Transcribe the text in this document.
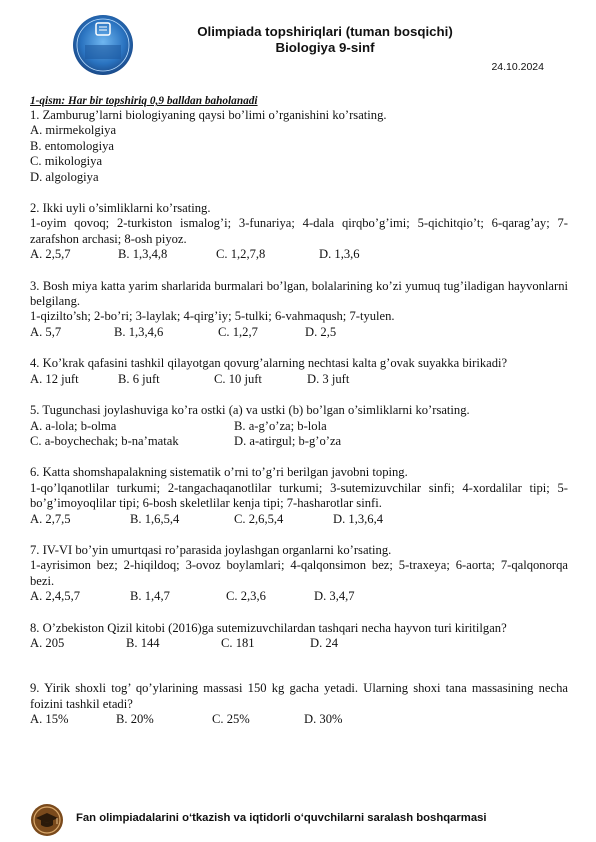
Olimpiada topshiriqlari (tuman bosqichi)
Biologiya 9-sinf
24.10.2024
1-qism: Har bir topshiriq 0,9 balldan baholanadi

1. Zamburug’larni biologiyaning qaysi bo’limi o’rganishini ko’rsating.

A. mirmekolgiya
B. entomologiya
C. mikologiya
D. algologiya

2. Ikki uyli o’simliklarni ko’rsating.

1-oyim qovoq; 2-turkiston ismalog’i; 3-funariya; 4-dala qirqbo’g’imi; 5-qichitqio’t; 6-qarag’ay; 7-zarafshon archasi; 8-osh piyoz.

A. 2,5,7	B. 1,3,4,8	C. 1,2,7,8	D. 1,3,6

3. Bosh miya katta yarim sharlarida burmalari bo’lgan, bolalarining ko’zi yumuq tug’iladigan hayvonlarni belgilang.

1-qizilto’sh; 2-bo’ri; 3-laylak; 4-qirg’iy; 5-tulki; 6-vahmaqush; 7-tyulen.

A. 5,7	B. 1,3,4,6	C. 1,2,7	D. 2,5

4. Ko’krak qafasini tashkil qilayotgan qovurg’alarning nechtasi kalta g’ovak suyakka birikadi?

A. 12 juft	B. 6 juft	C. 10 juft	D. 3 juft

5. Tugunchasi joylashuviga ko’ra ostki (a) va ustki (b) bo’lgan o’simliklarni ko’rsating.

A. a-lola; b-olma	B. a-g’o’za; b-lola
C. a-boychechak; b-na’matak	D. a-atirgul; b-g’o’za

6. Katta shomshapalakning sistematik o’rni to’g’ri berilgan javobni toping.

1-qo’lqanotlilar turkumi; 2-tangachaqanotlilar turkumi; 3-sutemizuvchilar sinfi; 4-xordalilar tipi; 5-bo’g’imoyoqlilar tipi; 6-bosh skeletlilar kenja tipi; 7-hasharotlar sinfi.

A. 2,7,5	B. 1,6,5,4	C. 2,6,5,4	D. 1,3,6,4

7. IV-VI bo’yin umurtqasi ro’parasida joylashgan organlarni ko’rsating.

1-ayrisimon bez; 2-hiqildoq; 3-ovoz boylamlari; 4-qalqonsimon bez; 5-traxeya; 6-aorta; 7-qalqonorqa bezi.

A. 2,4,5,7	B. 1,4,7	C. 2,3,6	D. 3,4,7

8. O’zbekiston Qizil kitobi (2016)ga sutemizuvchilardan tashqari necha hayvon turi kiritilgan?

A. 205	B. 144	C. 181	D. 24

9. Yirik shoxli tog’ qo’ylarining massasi 150 kg gacha yetadi. Ularning shoxi tana massasining necha foizini tashkil etadi?

A. 15%	B. 20%	C. 25%	D. 30%
Fan olimpiadalarini o‘tkazish va iqtidorli o‘quvchilarni saralash boshqarmasi
